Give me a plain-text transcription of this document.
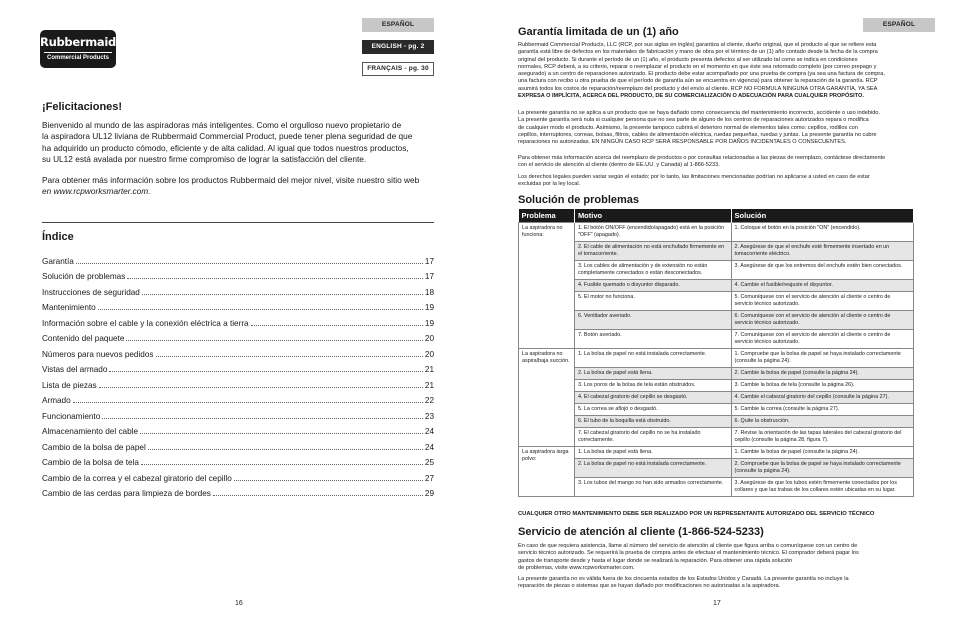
Rubbermaid
Commercial Products
ESPAÑOL
ENGLISH - pg. 2
FRANÇAIS - pg. 30
¡Felicitaciones!
Bienvenido al mundo de las aspiradoras más inteligentes. Como el orgulloso nuevo propietario de
la aspiradora UL12 liviana de Rubbermaid Commercial Product, puede tener plena seguridad de que
ha adquirido un producto cómodo, eficiente y de alta calidad. Al igual que todos nuestros productos,
su UL12 está avalada por nuestro firme compromiso de lograr la satisfacción del cliente.
Para obtener más información sobre los productos Rubbermaid del mejor nivel, visite nuestro sitio web
en www.rcpworksmarter.com.
Índice
16
Garantía	17
Solución de problemas	17
Instrucciones de seguridad	18
Mantenimiento	19
Información sobre el cable y la conexión eléctrica a tierra	19
Contenido del paquete	20
Números para nuevos pedidos	20
Vistas del armado	21
Lista de piezas	21
Armado	22
Funcionamiento	23
Almacenamiento del cable	24
Cambio de la bolsa de papel	24
Cambio de la bolsa de tela	25
Cambio de la correa y el cabezal giratorio del cepillo	27
Cambio de las cerdas para limpieza de bordes	29
ESPAÑOL
Garantía limitada de un (1) año
Rubbermaid Commercial Products, LLC (RCP, por sus siglas en inglés) garantiza al cliente, dueño original, que el producto al que se refiere esta
garantía está libre de defectos en los materiales de fabricación y mano de obra por el término de un (1) año contado desde la fecha de la compra
original del producto. Si durante el período de un (1) año, el producto presenta defectos al ser utilizado tal como se indica en condiciones
normales, RCP deberá, a su criterio, reparar o reemplazar el producto en el momento en que éste sea retornado completo (por correo prepago y
asegurado) a un centro de reparaciones autorizado. El producto debe estar acompañado por una prueba de compra (ya sea una factura de compra,
una factura con recibo u otra prueba de que el período de garantía aún se encuentra en vigencia) para obtener la reparación de la garantía. RCP
asumirá todos los costos de reparación/reemplazo del producto y del envío al cliente. RCP NO FORMULA NINGUNA OTRA GARANTÍA, YA SEA
EXPRESA O IMPLÍCITA, ACERCA DEL PRODUCTO, DE SU COMERCIALIZACIÓN O ADECUACIÓN PARA CUALQUIER PROPÓSITO.
La presente garantía no se aplica a un producto que se haya dañado como consecuencia del mantenimiento incorrecto, accidente o uso indebido.
La presente garantía será nula si cualquier persona que no sea parte de alguno de los centros de reparaciones autorizados repara o modifica
de cualquier modo el producto. Asimismo, la presente tampoco cubrirá el deterioro normal de elementos tales como: cepillos, rodillos con
cepillos, interruptores, correas, bolsas, filtros, cables de alimentación eléctrica, ruedas pequeñas, ruedas y juntas. La presente garantía no cubre
reparaciones no autorizadas. EN NINGÚN CASO RCP SERÁ RESPONSABLE POR DAÑOS INCIDENTALES O CONSECUENTES.
Para obtener más información acerca del reemplazo de productos o por consultas relacionadas a las piezas de reemplazo, contáctese directamente
con el servicio de atención al cliente (dentro de EE.UU. y Canadá) al 1-866-5233.
Los derechos legales pueden variar según el estado; por lo tanto, las limitaciones mencionadas podrían no aplicarse a usted en caso de estar
excluidas por la ley local.
Solución de problemas
CUALQUIER OTRO MANTENIMIENTO DEBE SER REALIZADO POR UN REPRESENTANTE AUTORIZADO DEL SERVICIO TÉCNICO
Servicio de atención al cliente (1-866-524-5233)
En caso de que requiera asistencia, llame al número del servicio de atención al cliente que figura arriba o comuníquese con un centro de
servicio técnico autorizado. Se requerirá la prueba de compra antes de efectuar el mantenimiento técnico. El comprador deberá pagar los
gastos de transporte desde y hasta el lugar donde se realizará la reparación. Para obtener una rápida solución
de problemas, visite www.rcpworksmarter.com.
La presente garantía no es válida fuera de los cincuenta estados de los Estados Unidos y Canadá. La presente garantía no incluye la
reparación de piezas o sistemas que se hayan dañado por modificaciones no autorizadas a la aspiradora.
17
Problema	Motivo	Solución
La aspiradora no funciona:	1. El botón ON/OFF (encendido/apagado) está en la posición "OFF" (apagado).	1. Coloque el botón en la posición "ON" (encendido).
	2. El cable de alimentación no está enchufado firmemente en el tomacorriente.	2. Asegúrese de que el enchufe esté firmemente insertado en un tomacorriente eléctrico.
	3. Los cables de alimentación y de extensión no están completamente conectados o están desconectados.	3. Asegúrese de que los extremos del enchufe estén bien conectados.
	4. Fusible quemado o disyuntor disparado.	4. Cambie el fusible/reajuste el disyuntor.
	5. El motor no funciona.	5. Comuníquese con el servicio de atención al cliente o centro de servicio técnico autorizado.
	6. Ventilador averiado.	6. Comuníquese con el servicio de atención al cliente o centro de servicio técnico autorizado.
	7. Botón averiado.	7. Comuníquese con el servicio de atención al cliente o centro de servicio técnico autorizado.
La aspiradora no aspira/baja succión.	1. La bolsa de papel no está instalada correctamente.	1. Compruebe que la bolsa de papel se haya instalado correctamente (consulte la página 24).
	2. La bolsa de papel está llena.	2. Cambie la bolsa de papel (consulte la página 24).
	3. Los poros de la bolsa de tela están obstruidos.	3. Cambie la bolsa de tela (consulte la página 26).
	4. El cabezal giratorio del cepillo se desgastó.	4. Cambie el cabezal giratorio del cepillo (consulte la página 27).
	5. La correa se aflojó o desgastó.	5. Cambie la correa (consulte la página 27).
	6. El tubo de la boquilla está obstruido.	6. Quite la obstrucción.
	7. El cabezal giratorio del cepillo no se ha instalado correctamente.	7. Revise la orientación de las tapas laterales del cabezal giratorio del cepillo (consulte la página 28, figura 7).
La aspiradora larga polvo:	1. La bolsa de papel está llena.	1. Cambie la bolsa de papel (consulte la página 24).
	2. La bolsa de papel no está instalada correctamente.	2. Compruebe que la bolsa de papel se haya instalado correctamente (consulte la página 24).
	3. Los tubos del mango no han sido armados correctamente.	3. Asegúrese de que los tubos estén firmemente conectados por los collares y que las trabas de los collares estén ubicadas en su lugar.
